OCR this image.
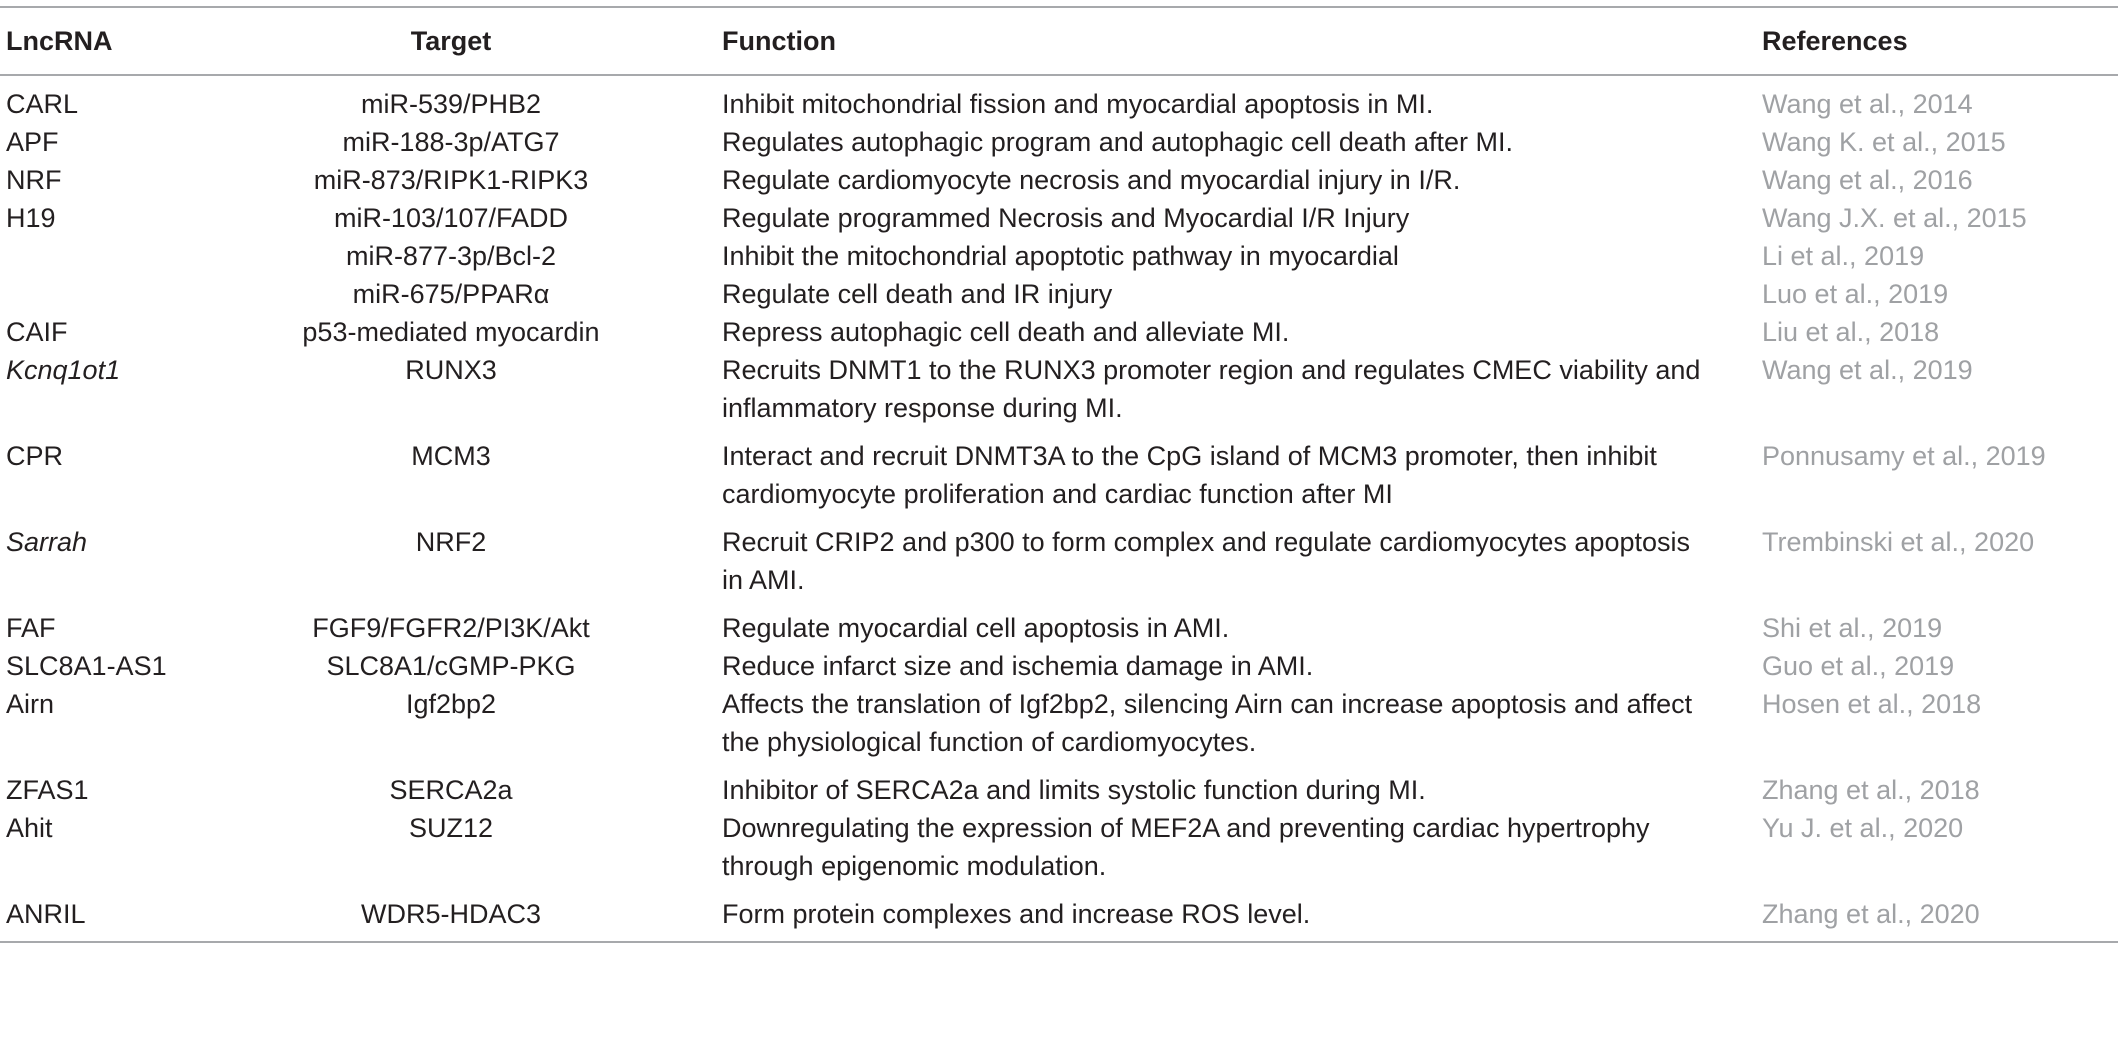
LncRNA	Target	Function	References
CARL	miR-539/PHB2	Inhibit mitochondrial fission and myocardial apoptosis in MI.	Wang et al., 2014
APF	miR-188-3p/ATG7	Regulates autophagic program and autophagic cell death after MI.	Wang K. et al., 2015
NRF	miR-873/RIPK1-RIPK3	Regulate cardiomyocyte necrosis and myocardial injury in I/R.	Wang et al., 2016
H19	miR-103/107/FADD	Regulate programmed Necrosis and Myocardial I/R Injury	Wang J.X. et al., 2015
	miR-877-3p/Bcl-2	Inhibit the mitochondrial apoptotic pathway in myocardial	Li et al., 2019
	miR-675/PPARα	Regulate cell death and IR injury	Luo et al., 2019
CAIF	p53-mediated myocardin	Repress autophagic cell death and alleviate MI.	Liu et al., 2018
Kcnq1ot1	RUNX3	Recruits DNMT1 to the RUNX3 promoter region and regulates CMEC viability and inflammatory response during MI.	Wang et al., 2019
CPR	MCM3	Interact and recruit DNMT3A to the CpG island of MCM3 promoter, then inhibit cardiomyocyte proliferation and cardiac function after MI	Ponnusamy et al., 2019
Sarrah	NRF2	Recruit CRIP2 and p300 to form complex and regulate cardiomyocytes apoptosis in AMI.	Trembinski et al., 2020
FAF	FGF9/FGFR2/PI3K/Akt	Regulate myocardial cell apoptosis in AMI.	Shi et al., 2019
SLC8A1-AS1	SLC8A1/cGMP-PKG	Reduce infarct size and ischemia damage in AMI.	Guo et al., 2019
Airn	Igf2bp2	Affects the translation of Igf2bp2, silencing Airn can increase apoptosis and affect the physiological function of cardiomyocytes.	Hosen et al., 2018
ZFAS1	SERCA2a	Inhibitor of SERCA2a and limits systolic function during MI.	Zhang et al., 2018
Ahit	SUZ12	Downregulating the expression of MEF2A and preventing cardiac hypertrophy through epigenomic modulation.	Yu J. et al., 2020
ANRIL	WDR5-HDAC3	Form protein complexes and increase ROS level.	Zhang et al., 2020
